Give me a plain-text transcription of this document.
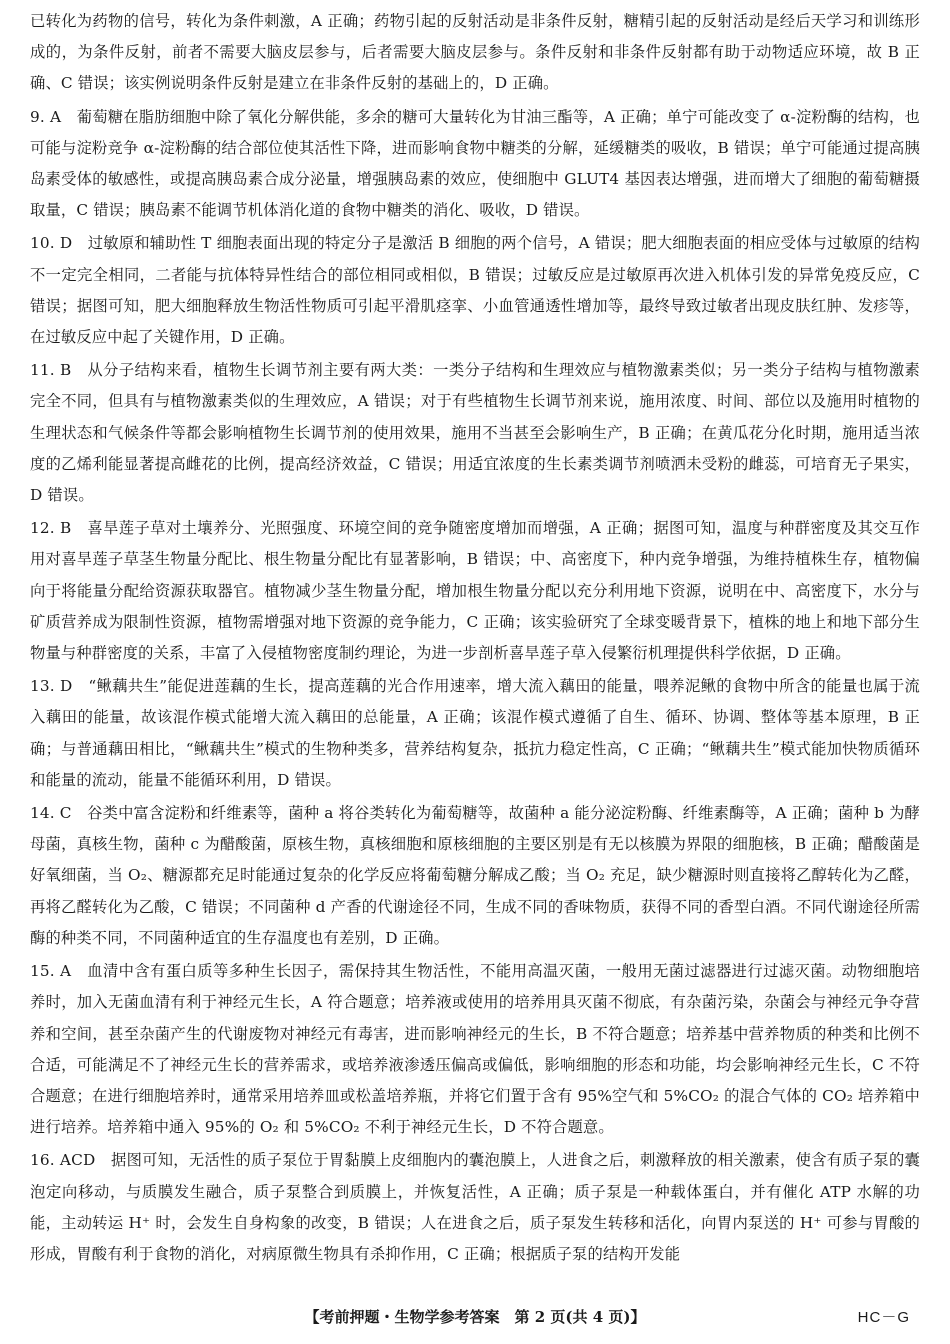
已转化为药物的信号，转化为条件刺激，A 正确；药物引起的反射活动是非条件反射，糖精引起的反射活动是经后天学习和训练形成的，为条件反射，前者不需要大脑皮层参与，后者需要大脑皮层参与。条件反射和非条件反射都有助于动物适应环境，故 B 正确、C 错误；该实例说明条件反射是建立在非条件反射的基础上的，D 正确。

9. A　葡萄糖在脂肪细胞中除了氧化分解供能，多余的糖可大量转化为甘油三酯等，A 正确；单宁可能改变了 α-淀粉酶的结构，也可能与淀粉竞争 α-淀粉酶的结合部位使其活性下降，进而影响食物中糖类的分解，延缓糖类的吸收，B 错误；单宁可能通过提高胰岛素受体的敏感性，或提高胰岛素合成分泌量，增强胰岛素的效应，使细胞中 GLUT4 基因表达增强，进而增大了细胞的葡萄糖摄取量，C 错误；胰岛素不能调节机体消化道的食物中糖类的消化、吸收，D 错误。

10. D　过敏原和辅助性 T 细胞表面出现的特定分子是激活 B 细胞的两个信号，A 错误；肥大细胞表面的相应受体与过敏原的结构不一定完全相同，二者能与抗体特异性结合的部位相同或相似，B 错误；过敏反应是过敏原再次进入机体引发的异常免疫反应，C 错误；据图可知，肥大细胞释放生物活性物质可引起平滑肌痉挛、小血管通透性增加等，最终导致过敏者出现皮肤红肿、发疹等，在过敏反应中起了关键作用，D 正确。

11. B　从分子结构来看，植物生长调节剂主要有两大类：一类分子结构和生理效应与植物激素类似；另一类分子结构与植物激素完全不同，但具有与植物激素类似的生理效应，A 错误；对于有些植物生长调节剂来说，施用浓度、时间、部位以及施用时植物的生理状态和气候条件等都会影响植物生长调节剂的使用效果，施用不当甚至会影响生产，B 正确；在黄瓜花分化时期，施用适当浓度的乙烯利能显著提高雌花的比例，提高经济效益，C 错误；用适宜浓度的生长素类调节剂喷洒未受粉的雌蕊，可培育无子果实，D 错误。

12. B　喜旱莲子草对土壤养分、光照强度、环境空间的竞争随密度增加而增强，A 正确；据图可知，温度与种群密度及其交互作用对喜旱莲子草茎生物量分配比、根生物量分配比有显著影响，B 错误；中、高密度下，种内竞争增强，为维持植株生存，植物偏向于将能量分配给资源获取器官。植物减少茎生物量分配，增加根生物量分配以充分利用地下资源，说明在中、高密度下，水分与矿质营养成为限制性资源，植物需增强对地下资源的竞争能力，C 正确；该实验研究了全球变暖背景下，植株的地上和地下部分生物量与种群密度的关系，丰富了入侵植物密度制约理论，为进一步剖析喜旱莲子草入侵繁衍机理提供科学依据，D 正确。

13. D　“鳅藕共生”能促进莲藕的生长，提高莲藕的光合作用速率，增大流入藕田的能量，喂养泥鳅的食物中所含的能量也属于流入藕田的能量，故该混作模式能增大流入藕田的总能量，A 正确；该混作模式遵循了自生、循环、协调、整体等基本原理，B 正确；与普通藕田相比，“鳅藕共生”模式的生物种类多，营养结构复杂，抵抗力稳定性高，C 正确；“鳅藕共生”模式能加快物质循环和能量的流动，能量不能循环利用，D 错误。

14. C　谷类中富含淀粉和纤维素等，菌种 a 将谷类转化为葡萄糖等，故菌种 a 能分泌淀粉酶、纤维素酶等，A 正确；菌种 b 为酵母菌，真核生物，菌种 c 为醋酸菌，原核生物，真核细胞和原核细胞的主要区别是有无以核膜为界限的细胞核，B 正确；醋酸菌是好氧细菌，当 O₂、糖源都充足时能通过复杂的化学反应将葡萄糖分解成乙酸；当 O₂ 充足，缺少糖源时则直接将乙醇转化为乙醛，再将乙醛转化为乙酸，C 错误；不同菌种 d 产香的代谢途径不同，生成不同的香味物质，获得不同的香型白酒。不同代谢途径所需酶的种类不同，不同菌种适宜的生存温度也有差别，D 正确。

15. A　血清中含有蛋白质等多种生长因子，需保持其生物活性，不能用高温灭菌，一般用无菌过滤器进行过滤灭菌。动物细胞培养时，加入无菌血清有利于神经元生长，A 符合题意；培养液或使用的培养用具灭菌不彻底，有杂菌污染，杂菌会与神经元争夺营养和空间，甚至杂菌产生的代谢废物对神经元有毒害，进而影响神经元的生长，B 不符合题意；培养基中营养物质的种类和比例不合适，可能满足不了神经元生长的营养需求，或培养液渗透压偏高或偏低，影响细胞的形态和功能，均会影响神经元生长，C 不符合题意；在进行细胞培养时，通常采用培养皿或松盖培养瓶，并将它们置于含有 95%空气和 5%CO₂ 的混合气体的 CO₂ 培养箱中进行培养。培养箱中通入 95%的 O₂ 和 5%CO₂ 不利于神经元生长，D 不符合题意。

16. ACD　据图可知，无活性的质子泵位于胃黏膜上皮细胞内的囊泡膜上，人进食之后，刺激释放的相关激素，使含有质子泵的囊泡定向移动，与质膜发生融合，质子泵整合到质膜上，并恢复活性，A 正确；质子泵是一种载体蛋白，并有催化 ATP 水解的功能，主动转运 H⁺ 时，会发生自身构象的改变，B 错误；人在进食之后，质子泵发生转移和活化，向胃内泵送的 H⁺ 可参与胃酸的形成，胃酸有利于食物的消化，对病原微生物具有杀抑作用，C 正确；根据质子泵的结构开发能

【考前押题・生物学参考答案　第 2 页(共 4 页)】	HC－G
